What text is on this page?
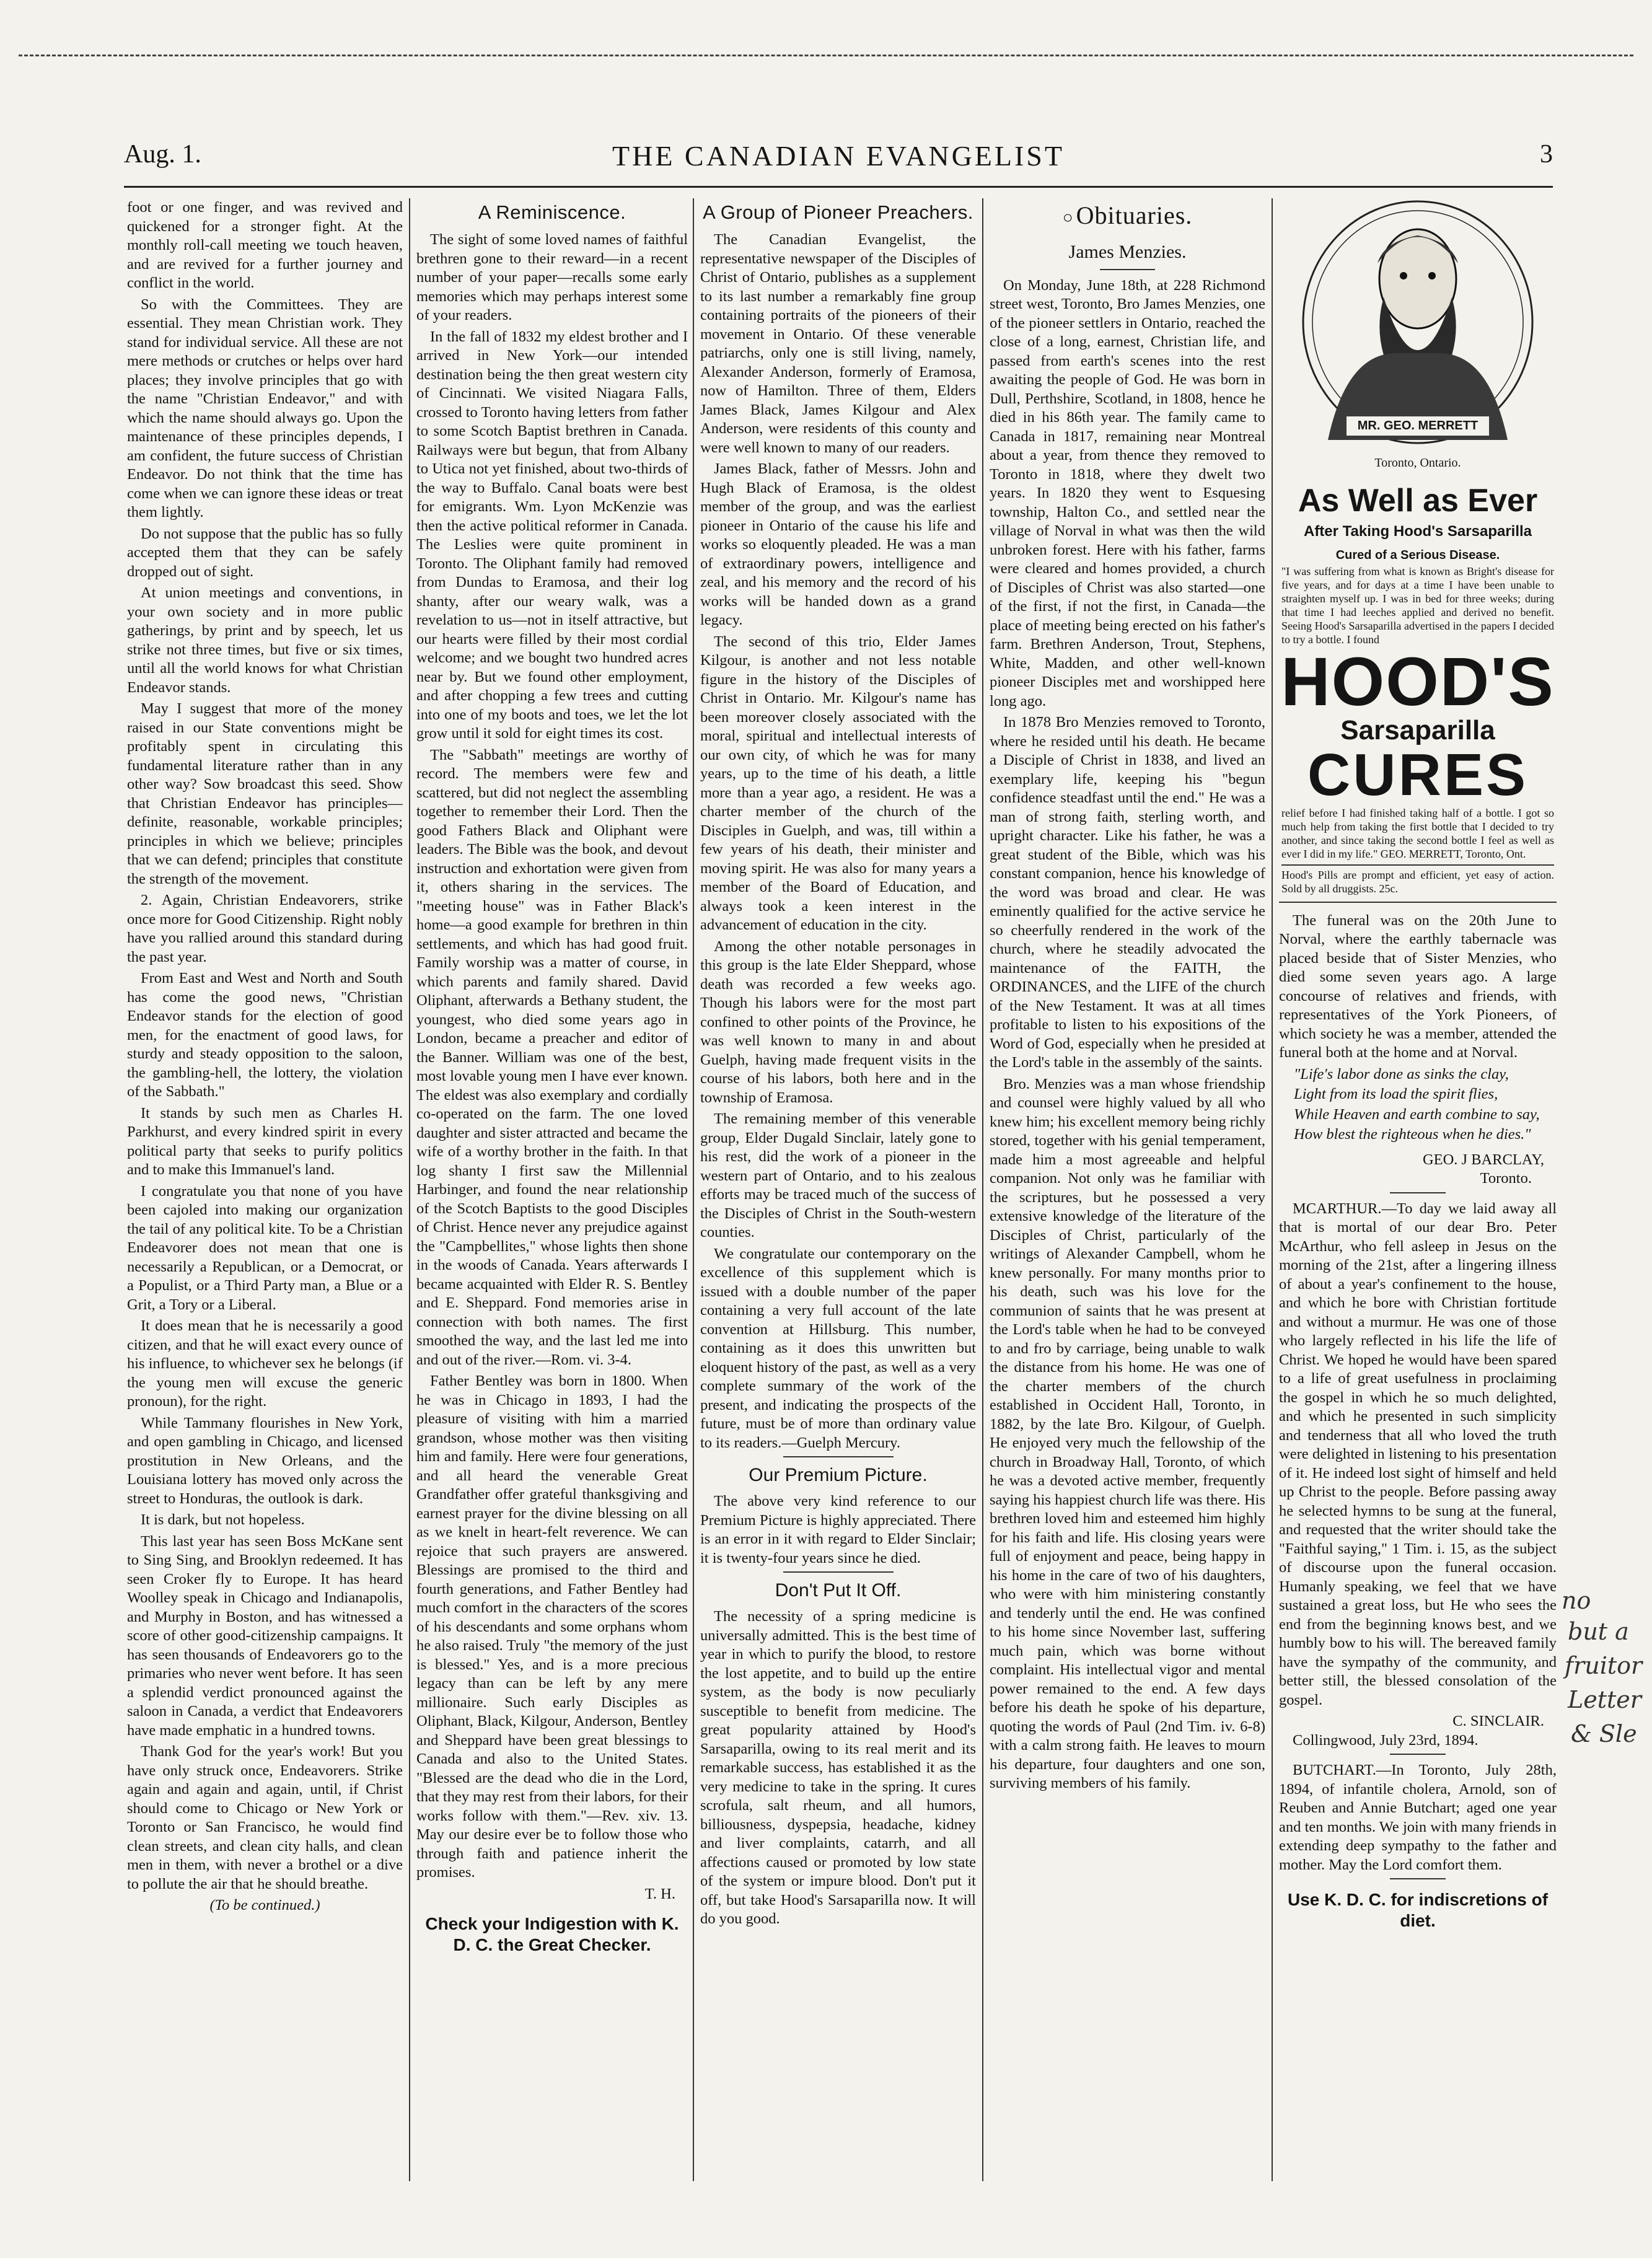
Aug. 1.	THE CANADIAN EVANGELIST	3

foot or one finger, and was revived and quickened for a stronger fight. At the monthly roll-call meeting we touch heaven, and are revived for a further journey and conflict in the world.

So with the Committees. They are essential. They mean Christian work. They stand for individual service. All these are not mere methods or crutches or helps over hard places; they involve principles that go with the name "Christian Endeavor," and with which the name should always go. Upon the maintenance of these principles depends, I am confident, the future success of Christian Endeavor. Do not think that the time has come when we can ignore these ideas or treat them lightly.

Do not suppose that the public has so fully accepted them that they can be safely dropped out of sight.

At union meetings and conventions, in your own society and in more public gatherings, by print and by speech, let us strike not three times, but five or six times, until all the world knows for what Christian Endeavor stands.

May I suggest that more of the money raised in our State conventions might be profitably spent in circulating this fundamental literature rather than in any other way? Sow broadcast this seed. Show that Christian Endeavor has principles—definite, reasonable, workable principles; principles in which we believe; principles that we can defend; principles that constitute the strength of the movement.

2. Again, Christian Endeavorers, strike once more for Good Citizenship. Right nobly have you rallied around this standard during the past year.

From East and West and North and South has come the good news, "Christian Endeavor stands for the election of good men, for the enactment of good laws, for sturdy and steady opposition to the saloon, the gambling-hell, the lottery, the violation of the Sabbath."

It stands by such men as Charles H. Parkhurst, and every kindred spirit in every political party that seeks to purify politics and to make this Immanuel's land.

I congratulate you that none of you have been cajoled into making our organization the tail of any political kite. To be a Christian Endeavorer does not mean that one is necessarily a Republican, or a Democrat, or a Populist, or a Third Party man, a Blue or a Grit, a Tory or a Liberal.

It does mean that he is necessarily a good citizen, and that he will exact every ounce of his influence, to whichever sex he belongs (if the young men will excuse the generic pronoun), for the right.

While Tammany flourishes in New York, and open gambling in Chicago, and licensed prostitution in New Orleans, and the Louisiana lottery has moved only across the street to Honduras, the outlook is dark.

It is dark, but not hopeless.

This last year has seen Boss McKane sent to Sing Sing, and Brooklyn redeemed. It has seen Croker fly to Europe. It has heard Woolley speak in Chicago and Indianapolis, and Murphy in Boston, and has witnessed a score of other good-citizenship campaigns. It has seen thousands of Endeavorers go to the primaries who never went before. It has seen a splendid verdict pronounced against the saloon in Canada, a verdict that Endeavorers have made emphatic in a hundred towns.

Thank God for the year's work! But you have only struck once, Endeavorers. Strike again and again and again, until, if Christ should come to Chicago or New York or Toronto or San Francisco, he would find clean streets, and clean city halls, and clean men in them, with never a brothel or a dive to pollute the air that he should breathe.

(To be continued.)
A Reminiscence.

The sight of some loved names of faithful brethren gone to their reward—in a recent number of your paper—recalls some early memories which may perhaps interest some of your readers.

In the fall of 1832 my eldest brother and I arrived in New York—our intended destination being the then great western city of Cincinnati. We visited Niagara Falls, crossed to Toronto having letters from father to some Scotch Baptist brethren in Canada. Railways were but begun, that from Albany to Utica not yet finished, about two-thirds of the way to Buffalo. Canal boats were best for emigrants. Wm. Lyon McKenzie was then the active political reformer in Canada. The Leslies were quite prominent in Toronto. The Oliphant family had removed from Dundas to Eramosa, and their log shanty, after our weary walk, was a revelation to us—not in itself attractive, but our hearts were filled by their most cordial welcome; and we bought two hundred acres near by. But we found other employment, and after chopping a few trees and cutting into one of my boots and toes, we let the lot grow until it sold for eight times its cost.

The "Sabbath" meetings are worthy of record. The members were few and scattered, but did not neglect the assembling together to remember their Lord. Then the good Fathers Black and Oliphant were leaders. The Bible was the book, and devout instruction and exhortation were given from it, others sharing in the services. The "meeting house" was in Father Black's home—a good example for brethren in thin settlements, and which has had good fruit. Family worship was a matter of course, in which parents and family shared. David Oliphant, afterwards a Bethany student, the youngest, who died some years ago in London, became a preacher and editor of the Banner. William was one of the best, most lovable young men I have ever known. The eldest was also exemplary and cordially co-operated on the farm. The one loved daughter and sister attracted and became the wife of a worthy brother in the faith. In that log shanty I first saw the Millennial Harbinger, and found the near relationship of the Scotch Baptists to the good Disciples of Christ. Hence never any prejudice against the "Campbellites," whose lights then shone in the woods of Canada. Years afterwards I became acquainted with Elder R. S. Bentley and E. Sheppard. Fond memories arise in connection with both names. The first smoothed the way, and the last led me into and out of the river.—Rom. vi. 3-4.

Father Bentley was born in 1800. When he was in Chicago in 1893, I had the pleasure of visiting with him a married grandson, whose mother was then visiting him and family. Here were four generations, and all heard the venerable Great Grandfather offer grateful thanksgiving and earnest prayer for the divine blessing on all as we knelt in heart-felt reverence. We can rejoice that such prayers are answered. Blessings are promised to the third and fourth generations, and Father Bentley had much comfort in the characters of the scores of his descendants and some orphans whom he also raised. Truly "the memory of the just is blessed." Yes, and is a more precious legacy than can be left by any mere millionaire. Such early Disciples as Oliphant, Black, Kilgour, Anderson, Bentley and Sheppard have been great blessings to Canada and also to the United States. "Blessed are the dead who die in the Lord, that they may rest from their labors, for their works follow with them."—Rev. xiv. 13. May our desire ever be to follow those who through faith and patience inherit the promises.

T. H.
Check your Indigestion with K. D. C. the Great Checker.
A Group of Pioneer Preachers.

The Canadian Evangelist, the representative newspaper of the Disciples of Christ of Ontario, publishes as a supplement to its last number a remarkably fine group containing portraits of the pioneers of their movement in Ontario. Of these venerable patriarchs, only one is still living, namely, Alexander Anderson, formerly of Eramosa, now of Hamilton. Three of them, Elders James Black, James Kilgour and Alex Anderson, were residents of this county and were well known to many of our readers.

James Black, father of Messrs. John and Hugh Black of Eramosa, is the oldest member of the group, and was the earliest pioneer in Ontario of the cause his life and works so eloquently pleaded. He was a man of extraordinary powers, intelligence and zeal, and his memory and the record of his works will be handed down as a grand legacy.

The second of this trio, Elder James Kilgour, is another and not less notable figure in the history of the Disciples of Christ in Ontario. Mr. Kilgour's name has been moreover closely associated with the moral, spiritual and intellectual interests of our own city, of which he was for many years, up to the time of his death, a little more than a year ago, a resident. He was a charter member of the church of the Disciples in Guelph, and was, till within a few years of his death, their minister and moving spirit. He was also for many years a member of the Board of Education, and always took a keen interest in the advancement of education in the city.

Among the other notable personages in this group is the late Elder Sheppard, whose death was recorded a few weeks ago. Though his labors were for the most part confined to other points of the Province, he was well known to many in and about Guelph, having made frequent visits in the course of his labors, both here and in the township of Eramosa.

The remaining member of this venerable group, Elder Dugald Sinclair, lately gone to his rest, did the work of a pioneer in the western part of Ontario, and to his zealous efforts may be traced much of the success of the Disciples of Christ in the South-western counties.

We congratulate our contemporary on the excellence of this supplement which is issued with a double number of the paper containing a very full account of the late convention at Hillsburg. This number, containing as it does this unwritten but eloquent history of the past, as well as a very complete summary of the work of the present, and indicating the prospects of the future, must be of more than ordinary value to its readers.—Guelph Mercury.

Our Premium Picture.

The above very kind reference to our Premium Picture is highly appreciated. There is an error in it with regard to Elder Sinclair; it is twenty-four years since he died.

Don't Put It Off.

The necessity of a spring medicine is universally admitted. This is the best time of year in which to purify the blood, to restore the lost appetite, and to build up the entire system, as the body is now peculiarly susceptible to benefit from medicine. The great popularity attained by Hood's Sarsaparilla, owing to its real merit and its remarkable success, has established it as the very medicine to take in the spring. It cures scrofula, salt rheum, and all humors, billiousness, dyspepsia, headache, kidney and liver complaints, catarrh, and all affections caused or promoted by low state of the system or impure blood. Don't put it off, but take Hood's Sarsaparilla now. It will do you good.

○ Obituaries.
James Menzies.

On Monday, June 18th, at 228 Richmond street west, Toronto, Bro James Menzies, one of the pioneer settlers in Ontario, reached the close of a long, earnest, Christian life, and passed from earth's scenes into the rest awaiting the people of God. He was born in Dull, Perthshire, Scotland, in 1808, hence he died in his 86th year. The family came to Canada in 1817, remaining near Montreal about a year, from thence they removed to Toronto in 1818, where they dwelt two years. In 1820 they went to Esquesing township, Halton Co., and settled near the village of Norval in what was then the wild unbroken forest. Here with his father, farms were cleared and homes provided, a church of Disciples of Christ was also started—one of the first, if not the first, in Canada—the place of meeting being erected on his father's farm. Brethren Anderson, Trout, Stephens, White, Madden, and other well-known pioneer Disciples met and worshipped here long ago.

In 1878 Bro Menzies removed to Toronto, where he resided until his death. He became a Disciple of Christ in 1838, and lived an exemplary life, keeping his "begun confidence steadfast until the end." He was a man of strong faith, sterling worth, and upright character. Like his father, he was a great student of the Bible, which was his constant companion, hence his knowledge of the word was broad and clear. He was eminently qualified for the active service he so cheerfully rendered in the work of the church, where he steadily advocated the maintenance of the FAITH, the ORDINANCES, and the LIFE of the church of the New Testament. It was at all times profitable to listen to his expositions of the Word of God, especially when he presided at the Lord's table in the assembly of the saints.

Bro. Menzies was a man whose friendship and counsel were highly valued by all who knew him; his excellent memory being richly stored, together with his genial temperament, made him a most agreeable and helpful companion. Not only was he familiar with the scriptures, but he possessed a very extensive knowledge of the literature of the Disciples of Christ, particularly of the writings of Alexander Campbell, whom he knew personally. For many months prior to his death, such was his love for the communion of saints that he was present at the Lord's table when he had to be conveyed to and fro by carriage, being unable to walk the distance from his home. He was one of the charter members of the church established in Occident Hall, Toronto, in 1882, by the late Bro. Kilgour, of Guelph. He enjoyed very much the fellowship of the church in Broadway Hall, Toronto, of which he was a devoted active member, frequently saying his happiest church life was there. His brethren loved him and esteemed him highly for his faith and life. His closing years were full of enjoyment and peace, being happy in his home in the care of two of his daughters, who were with him ministering constantly and tenderly until the end. He was confined to his home since November last, suffering much pain, which was borne without complaint. His intellectual vigor and mental power remained to the end. A few days before his death he spoke of his departure, quoting the words of Paul (2nd Tim. iv. 6-8) with a calm strong faith. He leaves to mourn his departure, four daughters and one son, surviving members of his family.

MR. GEO. MERRETT
Toronto, Ontario.
As Well as Ever
After Taking Hood's Sarsaparilla
Cured of a Serious Disease.
"I was suffering from what is known as Bright's disease for five years, and for days at a time I have been unable to straighten myself up. I was in bed for three weeks; during that time I had leeches applied and derived no benefit. Seeing Hood's Sarsaparilla advertised in the papers I decided to try a bottle. I found
HOOD'S
Sarsaparilla
CURES
relief before I had finished taking half of a bottle. I got so much help from taking the first bottle that I decided to try another, and since taking the second bottle I feel as well as ever I did in my life." GEO. MERRETT, Toronto, Ont.
Hood's Pills are prompt and efficient, yet easy of action. Sold by all druggists. 25c.

The funeral was on the 20th June to Norval, where the earthly tabernacle was placed beside that of Sister Menzies, who died some seven years ago. A large concourse of relatives and friends, with representatives of the York Pioneers, of which society he was a member, attended the funeral both at the home and at Norval.

"Life's labor done as sinks the clay,
Light from its load the spirit flies,
While Heaven and earth combine to say,
How blest the righteous when he dies."
GEO. J BARCLAY,
Toronto.

MCARTHUR.—To day we laid away all that is mortal of our dear Bro. Peter McArthur, who fell asleep in Jesus on the morning of the 21st, after a lingering illness of about a year's confinement to the house, and which he bore with Christian fortitude and without a murmur. He was one of those who largely reflected in his life the life of Christ. We hoped he would have been spared to a life of great usefulness in proclaiming the gospel in which he so much delighted, and which he presented in such simplicity and tenderness that all who loved the truth were delighted in listening to his presentation of it. He indeed lost sight of himself and held up Christ to the people. Before passing away he selected hymns to be sung at the funeral, and requested that the writer should take the "Faithful saying," 1 Tim. i. 15, as the subject of discourse upon the funeral occasion. Humanly speaking, we feel that we have sustained a great loss, but He who sees the end from the beginning knows best, and we humbly bow to his will. The bereaved family have the sympathy of the community, and better still, the blessed consolation of the gospel.

C. SINCLAIR.

Collingwood, July 23rd, 1894.

BUTCHART.—In Toronto, July 28th, 1894, of infantile cholera, Arnold, son of Reuben and Annie Butchart; aged one year and ten months. We join with many friends in extending deep sympathy to the father and mother. May the Lord comfort them.

Use K. D. C. for indiscretions of diet.
no
but a
fruitor
Letter
& Sle
